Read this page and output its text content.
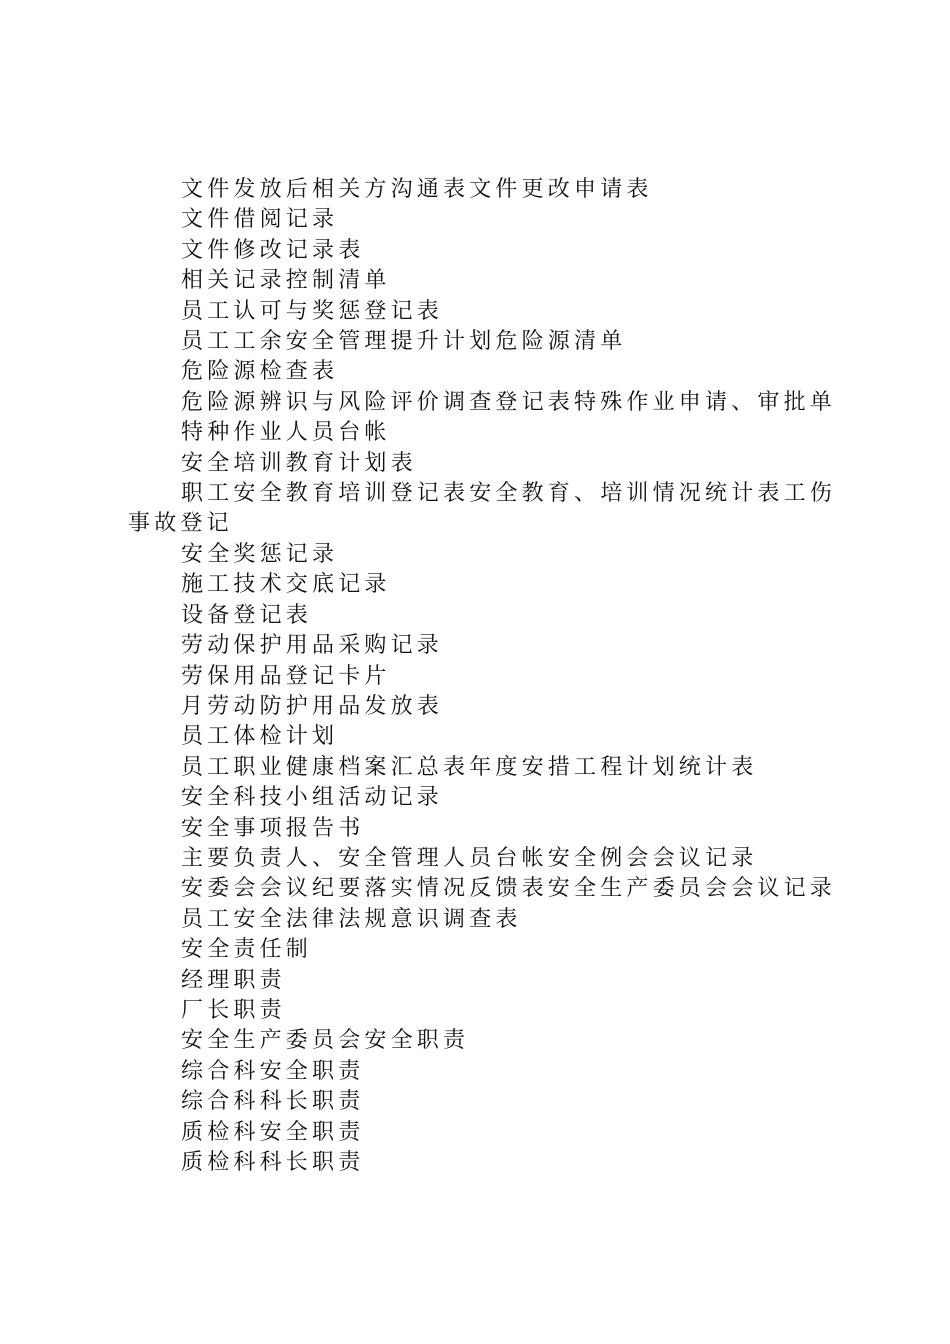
文件发放后相关方沟通表文件更改申请表

文件借阅记录

文件修改记录表

相关记录控制清单

员工认可与奖惩登记表

员工工余安全管理提升计划危险源清单

危险源检查表

危险源辨识与风险评价调查登记表特殊作业申请、审批单

特种作业人员台帐

安全培训教育计划表

职工安全教育培训登记表安全教育、培训情况统计表工伤事故登记

安全奖惩记录

施工技术交底记录

设备登记表

劳动保护用品采购记录

劳保用品登记卡片

月劳动防护用品发放表

员工体检计划

员工职业健康档案汇总表年度安措工程计划统计表

安全科技小组活动记录

安全事项报告书

主要负责人、安全管理人员台帐安全例会会议记录

安委会会议纪要落实情况反馈表安全生产委员会会议记录

员工安全法律法规意识调查表

安全责任制

经理职责

厂长职责

安全生产委员会安全职责

综合科安全职责

综合科科长职责

质检科安全职责

质检科科长职责
